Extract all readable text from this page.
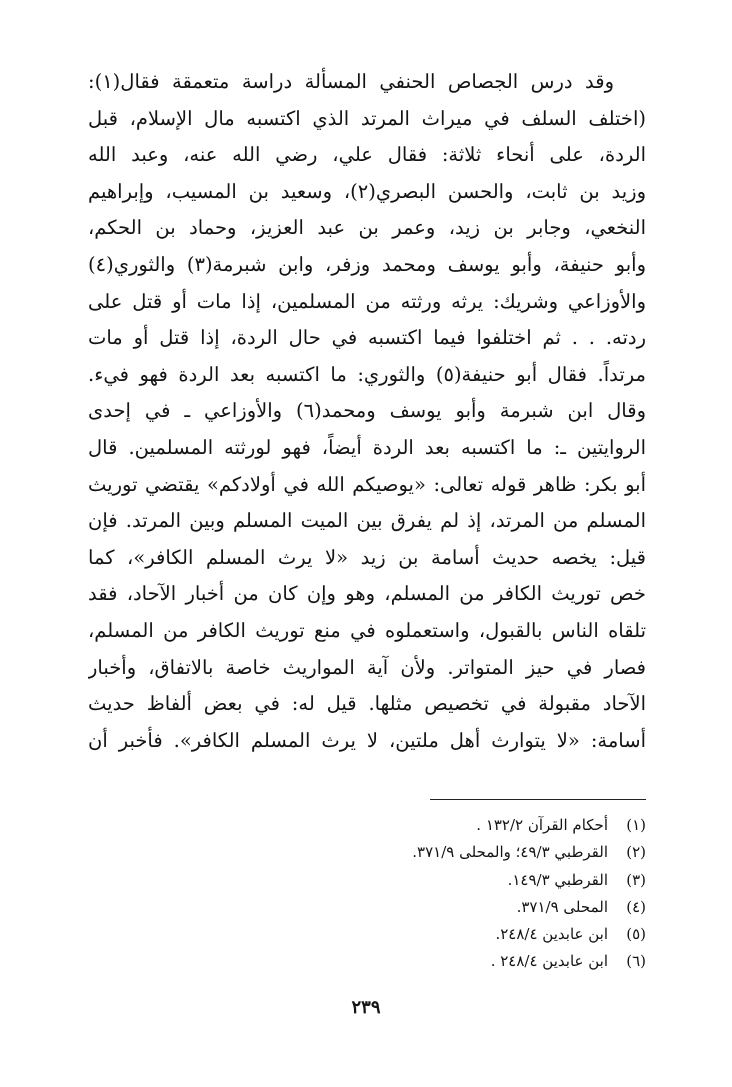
وقد درس الجصاص الحنفي المسألة دراسة متعمقة فقال(١):
(اختلف السلف في ميراث المرتد الذي اكتسبه مال الإسلام، قبل
الردة، على أنحاء ثلاثة: فقال علي، رضي الله عنه، وعبد الله
وزيد بن ثابت، والحسن البصري(٢)، وسعيد بن المسيب، وإبراهيم
النخعي، وجابر بن زيد، وعمر بن عبد العزيز، وحماد بن الحكم،
وأبو حنيفة، وأبو يوسف ومحمد وزفر، وابن شبرمة(٣) والثوري(٤)
والأوزاعي وشريك: يرثه ورثته من المسلمين، إذا مات أو قتل على
ردته. . . ثم اختلفوا فيما اكتسبه في حال الردة، إذا قتل أو مات
مرتداً. فقال أبو حنيفة(٥) والثوري: ما اكتسبه بعد الردة فهو فيء.
وقال ابن شبرمة وأبو يوسف ومحمد(٦) والأوزاعي ـ في إحدى
الروايتين ـ: ما اكتسبه بعد الردة أيضاً، فهو لورثته المسلمين. قال
أبو بكر: ظاهر قوله تعالى: «يوصيكم الله في أولادكم» يقتضي توريث
المسلم من المرتد، إذ لم يفرق بين الميت المسلم وبين المرتد. فإن
قيل: يخصه حديث أسامة بن زيد «لا يرث المسلم الكافر»، كما
خص توريث الكافر من المسلم، وهو وإن كان من أخبار الآحاد، فقد
تلقاه الناس بالقبول، واستعملوه في منع توريث الكافر من المسلم،
فصار في حيز المتواتر. ولأن آية المواريث خاصة بالاتفاق، وأخبار
الآحاد مقبولة في تخصيص مثلها. قيل له: في بعض ألفاظ حديث
أسامة: «لا يتوارث أهل ملتين، لا يرث المسلم الكافر». فأخبر أن
(١)
أحكام القرآن ١٣٢/٢ .
(٢)
القرطبي ٤٩/٣؛ والمحلى ٣٧١/٩.
(٣)
القرطبي ١٤٩/٣.
(٤)
المحلى ٣٧١/٩.
(٥)
ابن عابدين ٢٤٨/٤.
(٦)
ابن عابدين ٢٤٨/٤ .
٢٣٩
